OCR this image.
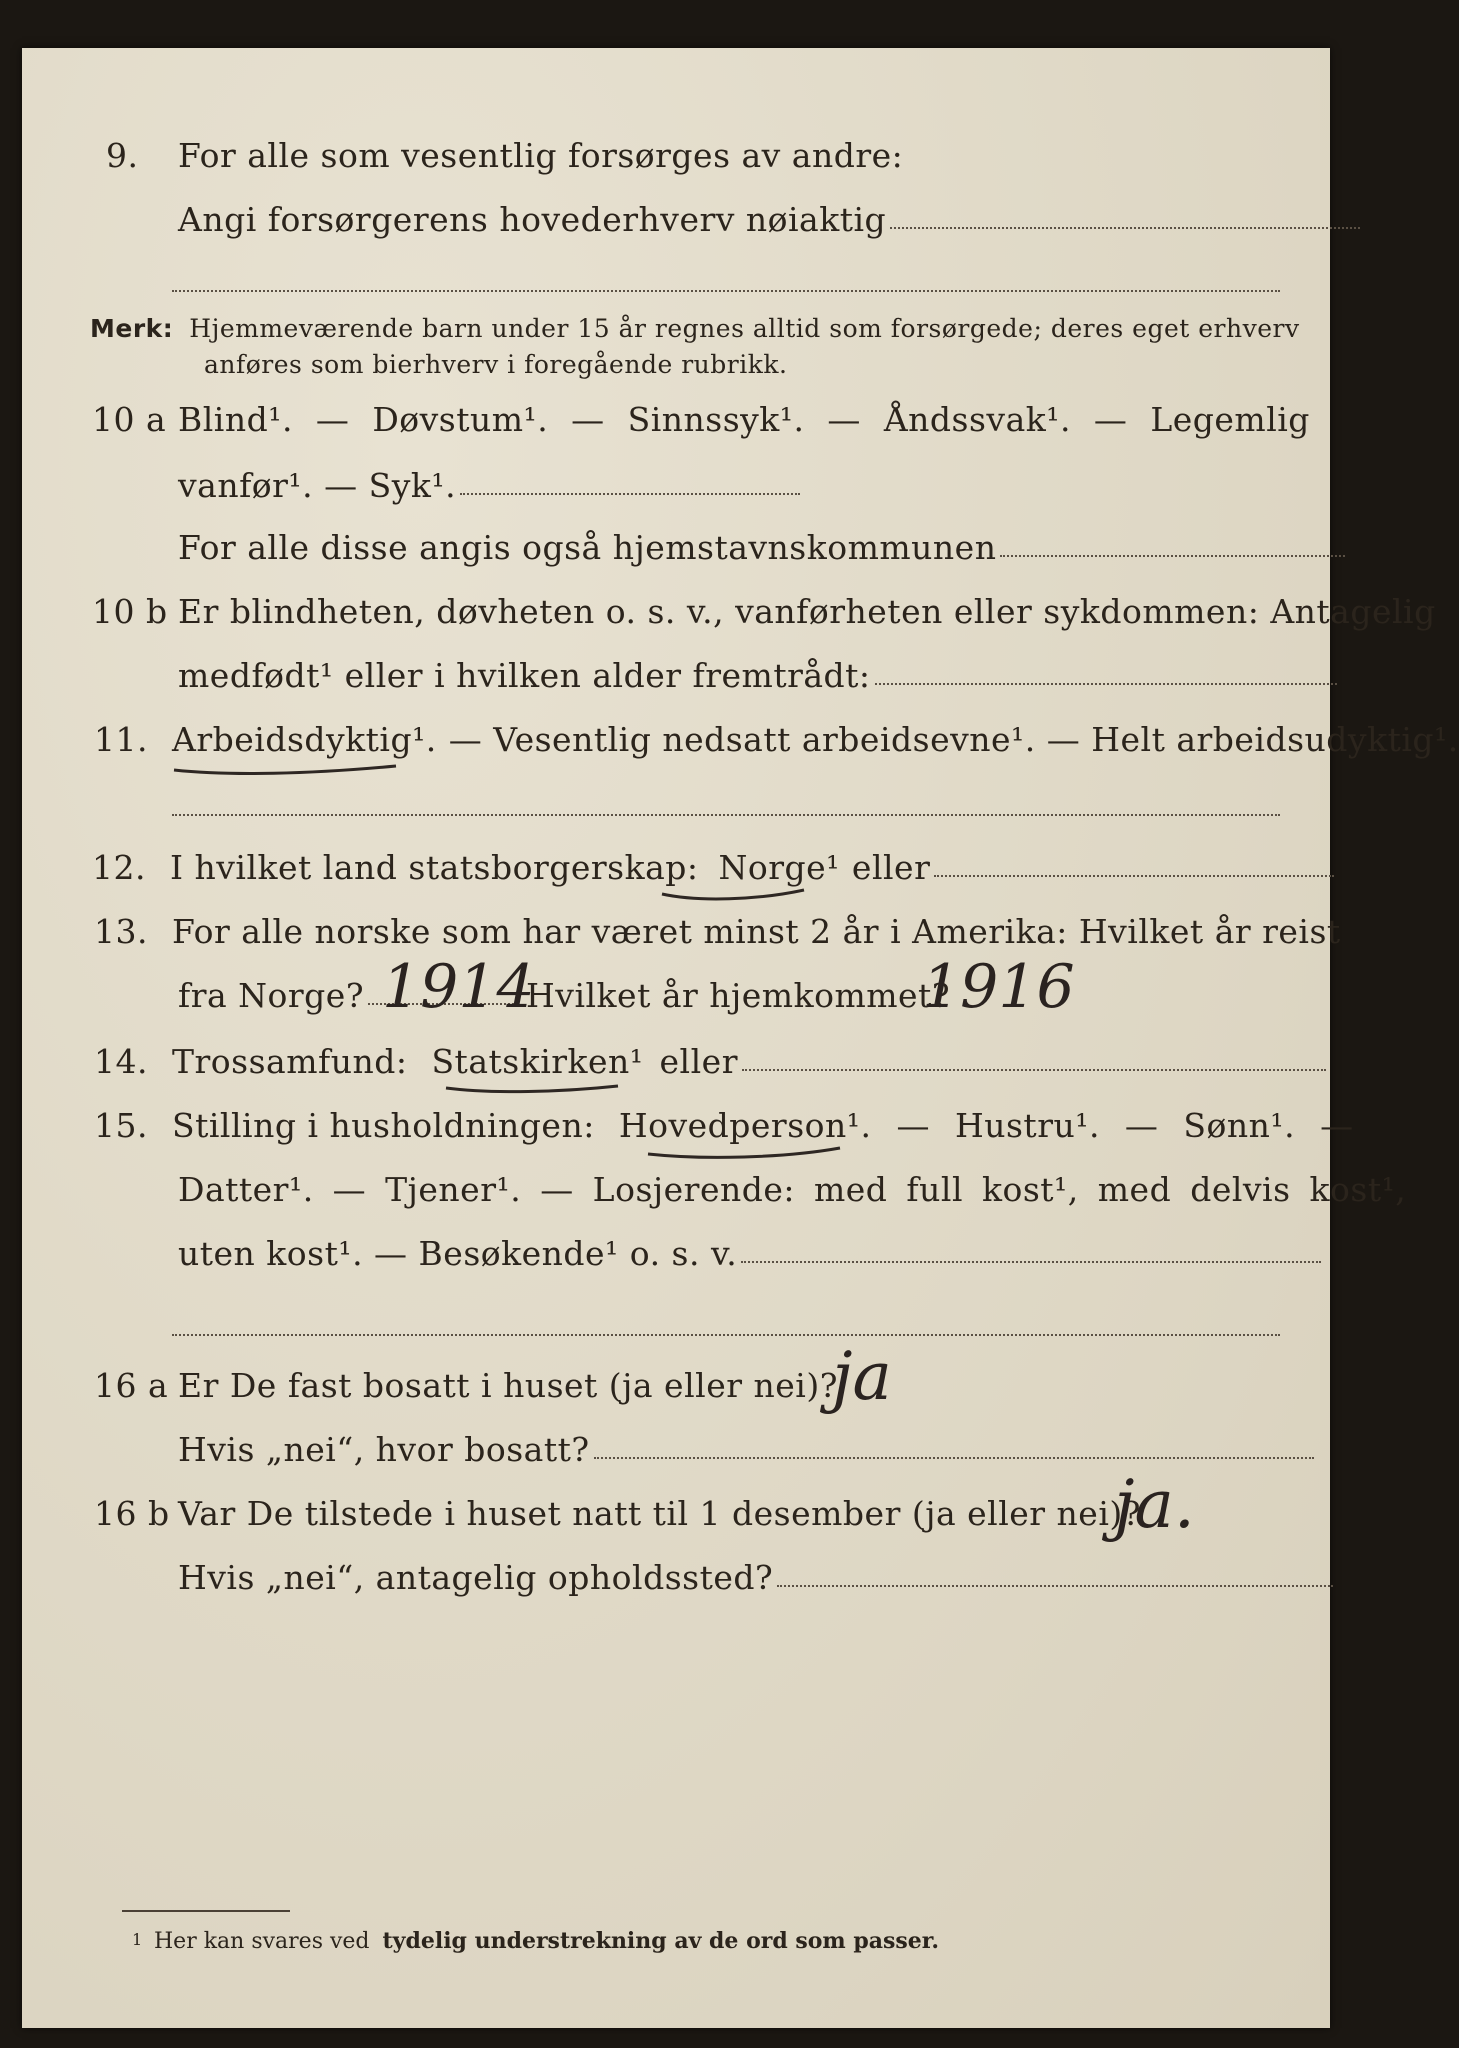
9.	For alle som vesentlig forsørges av andre:
Angi forsørgerens hovederhverv nøiaktig
Merk: Hjemmeværende barn under 15 år regnes alltid som forsørgede; deres eget erhverv
anføres som bierhverv i foregående rubrikk.
10 a Blind¹. — Døvstum¹. — Sinnssyk¹. — Åndssvak¹. — Legemlig
vanfør¹. — Syk¹.
For alle disse angis også hjemstavnskommunen
10 b Er blindheten, døvheten o. s. v., vanførheten eller sykdommen: Antagelig
medfødt¹ eller i hvilken alder fremtrådt:
11. Arbeidsdyktig¹. — Vesentlig nedsatt arbeidsevne¹. — Helt arbeidsudyktig¹.
12. I hvilket land statsborgerskap: Norge¹ eller
13. For alle norske som har været minst 2 år i Amerika: Hvilket år reist
fra Norge?	Hvilket år hjemkommet?
1914	1916
14. Trossamfund: Statskirken¹ eller
15. Stilling i husholdningen: Hovedperson¹ . — Hustru¹. — Sønn¹. —
Datter¹. — Tjener¹. — Losjerende: med full kost¹, med delvis kost¹,
uten kost¹. — Besøkende¹ o. s. v.
16 a Er De fast bosatt i huset (ja eller nei)?
ja
Hvis „nei“, hvor bosatt?
16 b Var De tilstede i huset natt til 1 desember (ja eller nei)?
ja.
Hvis „nei“, antagelig opholdssted?
1 Her kan svares ved tydelig understrekning av de ord som passer.
